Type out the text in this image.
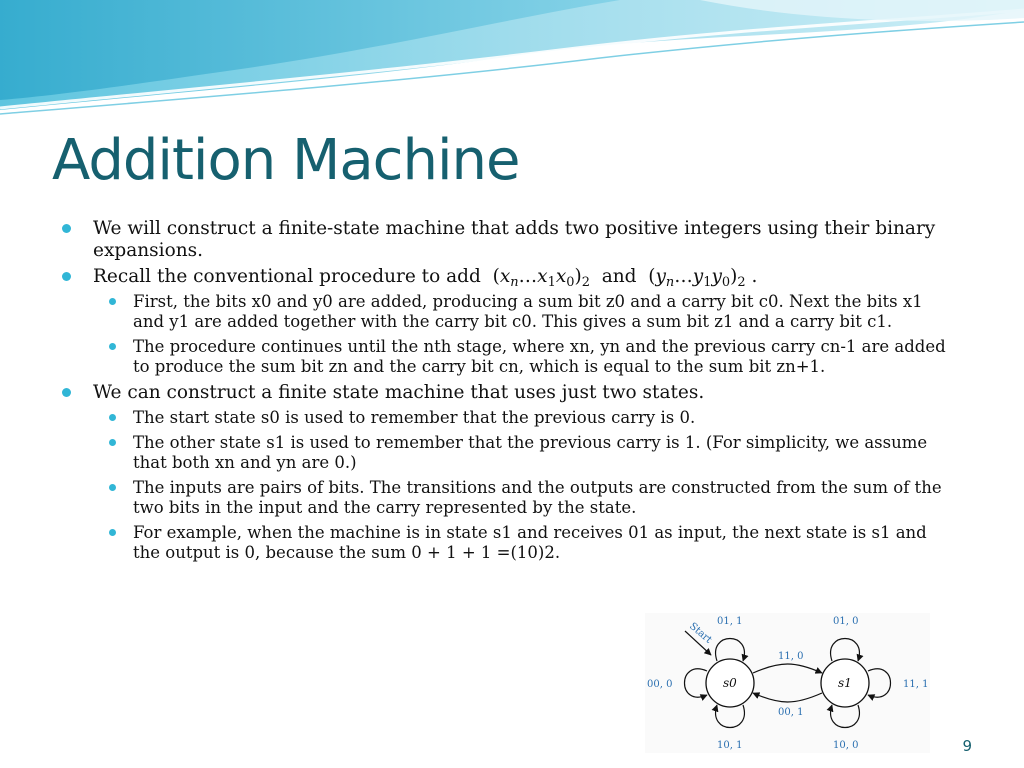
Addition Machine
We will construct a finite-state machine that adds two positive integers using their binary expansions.
Recall the conventional procedure to add  $(x_n\dots x_1x_0)_2$  and  $(y_n\dots y_1y_0)_2$ .
First, the bits x0 and y0 are added, producing a sum bit z0 and a carry bit c0. Next the bits x1 and y1 are added together with the carry bit c0. This gives a sum bit z1 and a carry bit c1.
The procedure continues until the nth stage, where xn, yn and the previous carry cn-1 are added to produce the sum bit zn and the carry bit cn, which is equal to the sum bit zn+1.
We can construct a finite state machine that uses just two states.
The start state s0 is used to remember that the previous carry is 0.
The other state s1 is used to remember that the previous carry is 1. (For simplicity, we assume that both xn and yn are 0.)
The inputs are pairs of bits. The transitions and the outputs are constructed from the sum of the two bits in the input and the carry represented by the state.
For example, when the machine is in state s1 and receives 01 as input, the next state is s1 and the output is 0, because the sum 0 + 1 + 1 =(10)2.
s0	s1
Start 01, 1
00, 0
10, 1
01, 0
11, 1
10, 0
11, 0
00, 1
9
